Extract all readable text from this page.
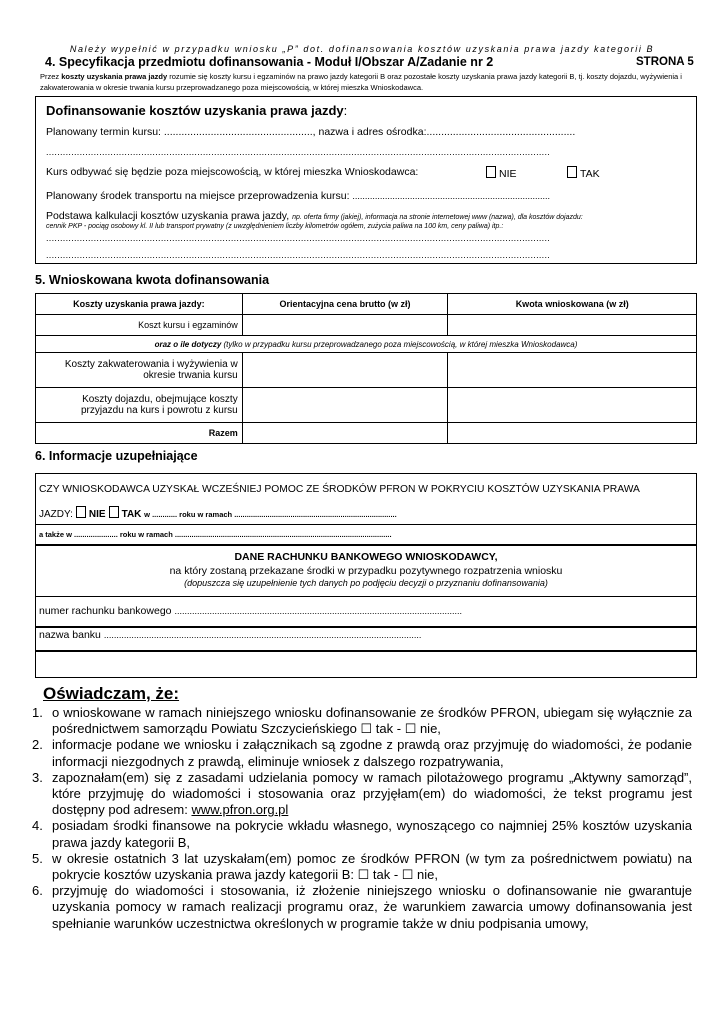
Należy wypełnić w przypadku wniosku „P” dot. dofinansowania kosztów uzyskania prawa jazdy kategorii B
4. Specyfikacja przedmiotu dofinansowania - Moduł I/Obszar A/Zadanie nr 2	STRONA 5
Przez koszty uzyskania prawa jazdy rozumie się koszty kursu i egzaminów na prawo jazdy kategorii B oraz pozostałe koszty uzyskania prawa jazdy kategorii B, tj. koszty dojazdu, wyżywienia i zakwaterowania w okresie trwania kursu przeprowadzanego poza miejscowością, w której mieszka Wnioskodawca.
Dofinansowanie kosztów uzyskania prawa jazdy:
Planowany termin kursu: ..................................................., nazwa i adres ośrodka:...................................................
....................................................................................................................................................................................
Kurs odbywać się będzie poza miejscowością, w której mieszka Wnioskodawca:	NIE	TAK
Planowany środek transportu na miejsce przeprowadzenia kursu: ...............................................................................
Podstawa kalkulacji kosztów uzyskania prawa jazdy, np. oferta firmy (jakiej), informacja na stronie internetowej www (nazwa), dla kosztów dojazdu:
cennik PKP - pociąg osobowy kl. II lub transport prywatny (z uwzględnieniem liczby kilometrów ogółem, zużycia paliwa na 100 km, ceny paliwa) itp.:
....................................................................................................................................................................................
....................................................................................................................................................................................
5. Wnioskowana kwota dofinansowania
Koszty uzyskania prawa jazdy:	Orientacyjna cena brutto (w zł)	Kwota wnioskowana (w zł)
Koszt kursu i egzaminów		
oraz o ile dotyczy (tylko w przypadku kursu przeprowadzanego poza miejscowością, w której mieszka Wnioskodawca)		
Koszty zakwaterowania i wyżywienia w okresie trwania kursu		
Koszty dojazdu, obejmujące koszty przyjazdu na kurs i powrotu z kursu		
Razem		
6. Informacje uzupełniające
CZY WNIOSKODAWCA UZYSKAŁ WCZEŚNIEJ POMOC ZE ŚRODKÓW PFRON W POKRYCIU KOSZTÓW UZYSKANIA PRAWA
JAZDY: NIE TAK w ............ roku w ramach ..............................................................................
a także w ..................... roku w ramach ........................................................................................................
DANE RACHUNKU BANKOWEGO WNIOSKODAWCY,
na który zostaną przekazane środki w przypadku pozytywnego rozpatrzenia wniosku
(dopuszcza się uzupełnienie tych danych po podjęciu decyzji o przyznaniu dofinansowania)
numer rachunku bankowego ...................................................................................................................
nazwa banku ...............................................................................................................................
Oświadczam, że:
1. o wnioskowane w ramach niniejszego wniosku dofinansowanie ze środków PFRON, ubiegam się wyłącznie za pośrednictwem samorządu Powiatu Szczycieńskiego ☐ tak - ☐ nie,
2. informacje podane we wniosku i załącznikach są zgodne z prawdą oraz przyjmuję do wiadomości, że podanie informacji niezgodnych z prawdą, eliminuje wniosek z dalszego rozpatrywania,
3. zapoznałam(em) się z zasadami udzielania pomocy w ramach pilotażowego programu „Aktywny samorząd”, które przyjmuję do wiadomości i stosowania oraz przyjęłam(em) do wiadomości, że tekst programu jest dostępny pod adresem: www.pfron.org.pl
4. posiadam środki finansowe na pokrycie wkładu własnego, wynoszącego co najmniej 25% kosztów uzyskania prawa jazdy kategorii B,
5. w okresie ostatnich 3 lat uzyskałam(em) pomoc ze środków PFRON (w tym za pośrednictwem powiatu) na pokrycie kosztów uzyskania prawa jazdy kategorii B: ☐ tak - ☐ nie,
6. przyjmuję do wiadomości i stosowania, iż złożenie niniejszego wniosku o dofinansowanie nie gwarantuje uzyskania pomocy w ramach realizacji programu oraz, że warunkiem zawarcia umowy dofinansowania jest spełnianie warunków uczestnictwa określonych w programie także w dniu podpisania umowy,
